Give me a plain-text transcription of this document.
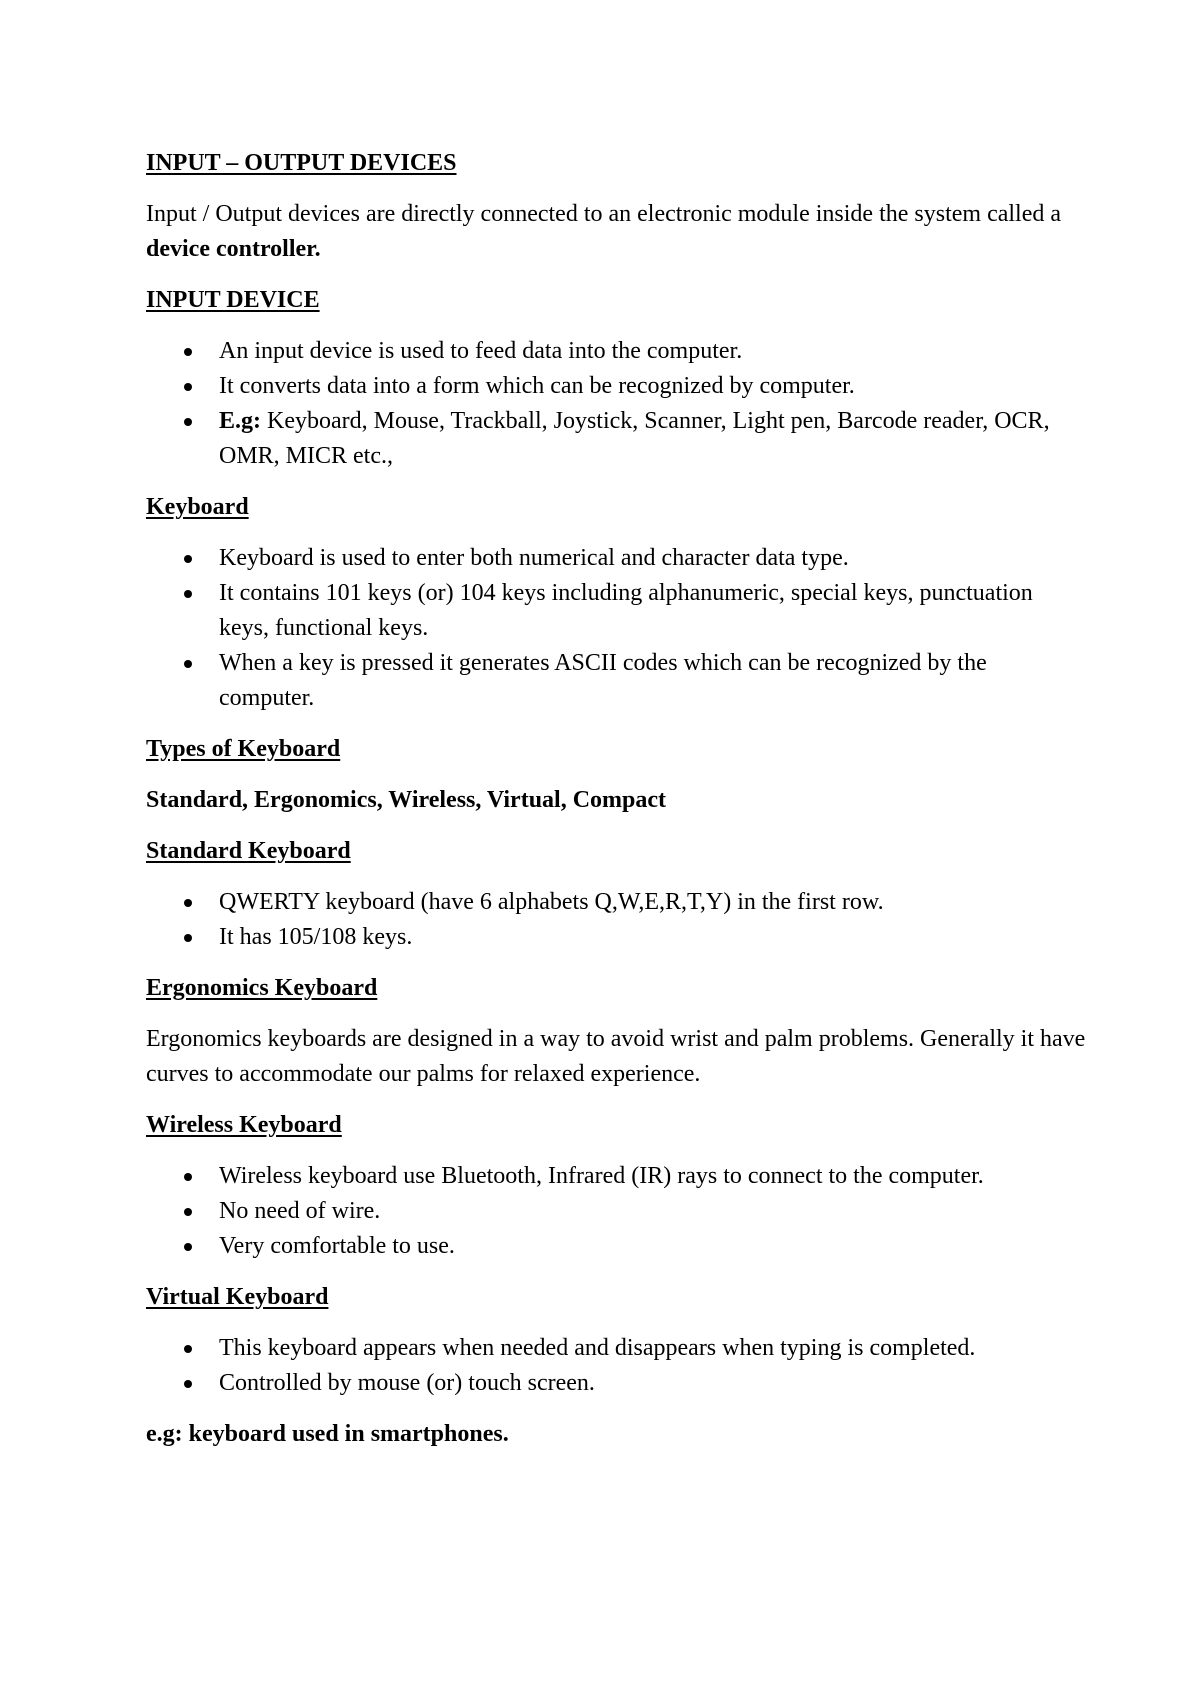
INPUT – OUTPUT DEVICES

Input / Output devices are directly connected to an electronic module inside the system called a device controller.

INPUT DEVICE

An input device is used to feed data into the computer.
It converts data into a form which can be recognized by computer.
E.g: Keyboard, Mouse, Trackball, Joystick, Scanner, Light pen, Barcode reader, OCR, OMR, MICR etc.,

Keyboard

Keyboard is used to enter both numerical and character data type.
It contains 101 keys (or) 104 keys including alphanumeric, special keys, punctuation keys, functional keys.
When a key is pressed it generates ASCII codes which can be recognized by the computer.

Types of Keyboard

Standard, Ergonomics, Wireless, Virtual, Compact

Standard Keyboard

QWERTY keyboard (have 6 alphabets Q,W,E,R,T,Y) in the first row.
It has 105/108 keys.

Ergonomics Keyboard

Ergonomics keyboards are designed in a way to avoid wrist and palm problems. Generally it have curves to accommodate our palms for relaxed experience.

Wireless Keyboard

Wireless keyboard use Bluetooth, Infrared (IR) rays to connect to the computer.
No need of wire.
Very comfortable to use.

Virtual Keyboard

This keyboard appears when needed and disappears when typing is completed.
Controlled by mouse (or) touch screen.

e.g: keyboard used in smartphones.
